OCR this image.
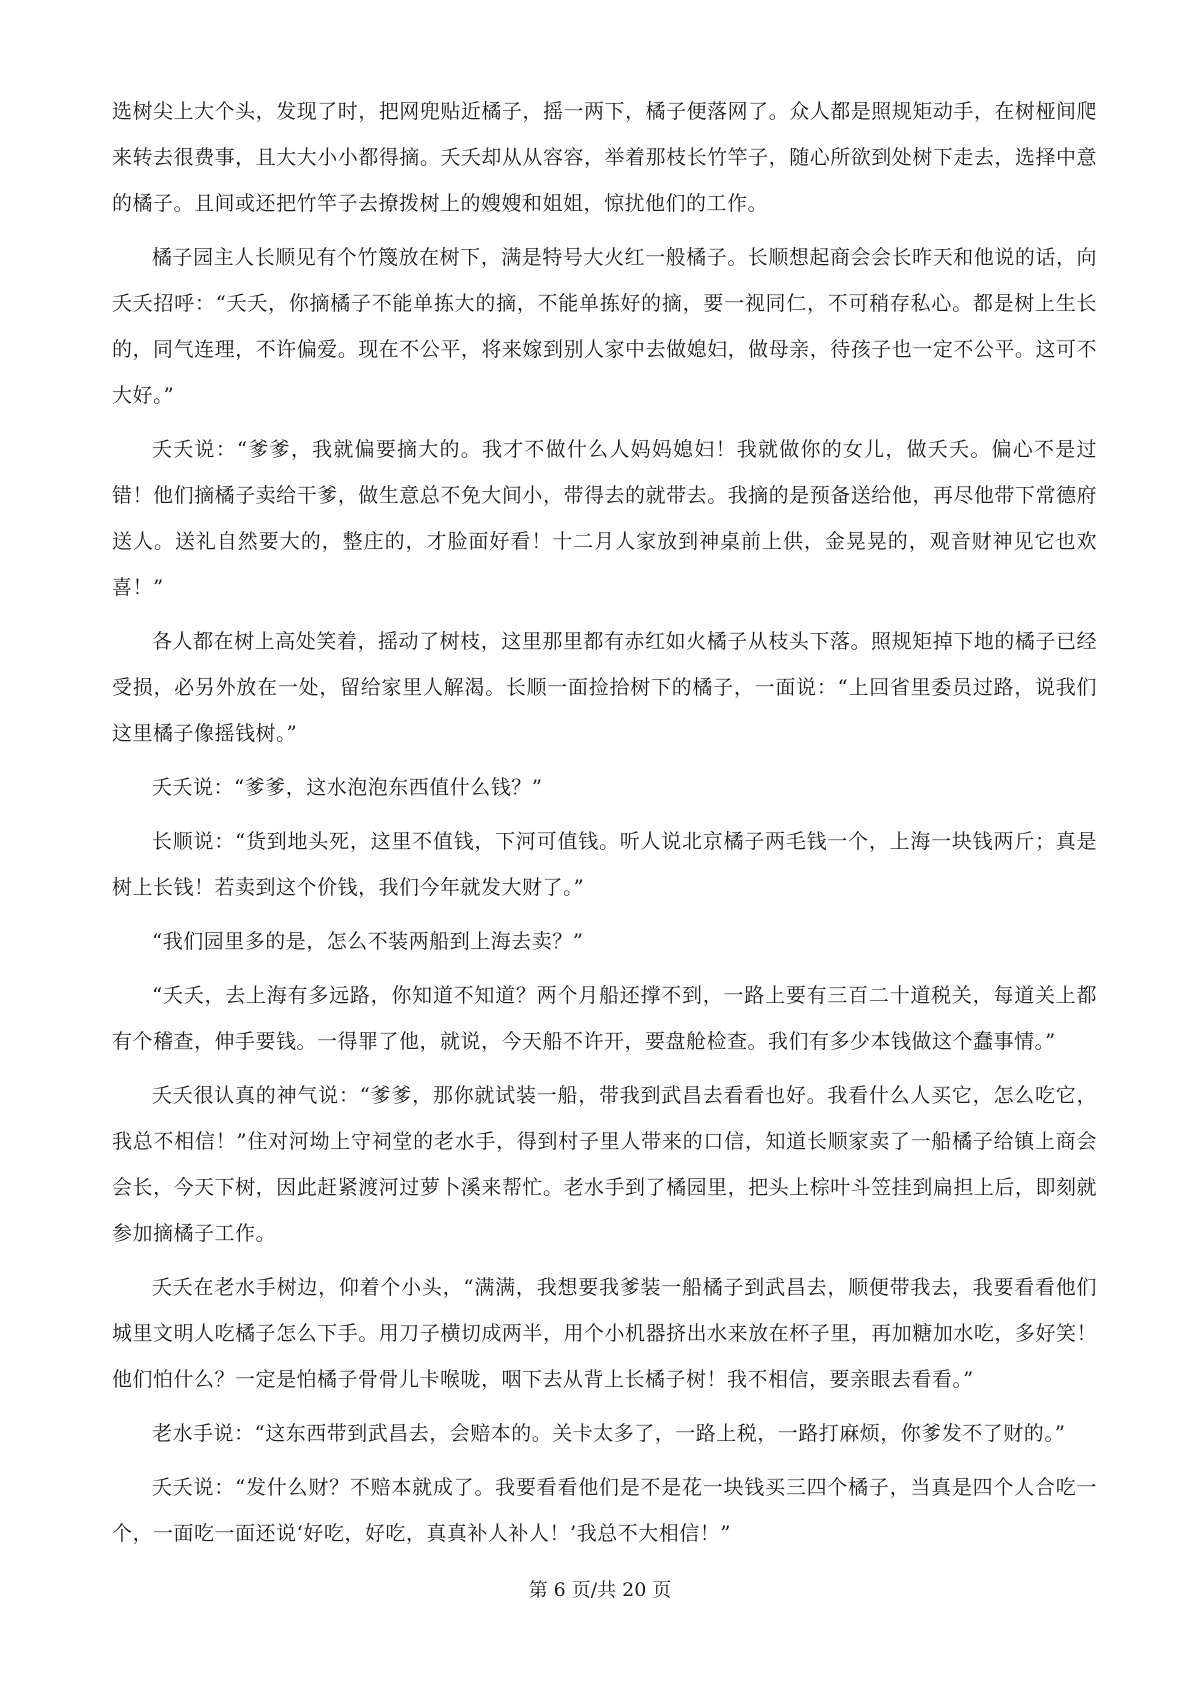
选树尖上大个头，发现了时，把网兜贴近橘子，摇一两下，橘子便落网了。众人都是照规矩动手，在树桠间爬来转去很费事，且大大小小都得摘。夭夭却从从容容，举着那枝长竹竿子，随心所欲到处树下走去，选择中意的橘子。且间或还把竹竿子去撩拨树上的嫂嫂和姐姐，惊扰他们的工作。

橘子园主人长顺见有个竹篾放在树下，满是特号大火红一般橘子。长顺想起商会会长昨天和他说的话，向夭夭招呼：“夭夭，你摘橘子不能单拣大的摘，不能单拣好的摘，要一视同仁，不可稍存私心。都是树上生长的，同气连理，不许偏爱。现在不公平，将来嫁到别人家中去做媳妇，做母亲，待孩子也一定不公平。这可不大好。”

夭夭说：“爹爹，我就偏要摘大的。我才不做什么人妈妈媳妇！我就做你的女儿，做夭夭。偏心不是过错！他们摘橘子卖给干爹，做生意总不免大间小，带得去的就带去。我摘的是预备送给他，再尽他带下常德府送人。送礼自然要大的，整庄的，才脸面好看！十二月人家放到神桌前上供，金晃晃的，观音财神见它也欢喜！”

各人都在树上高处笑着，摇动了树枝，这里那里都有赤红如火橘子从枝头下落。照规矩掉下地的橘子已经受损，必另外放在一处，留给家里人解渴。长顺一面捡拾树下的橘子，一面说：“上回省里委员过路，说我们这里橘子像摇钱树。”

夭夭说：“爹爹，这水泡泡东西值什么钱？”

长顺说：“货到地头死，这里不值钱，下河可值钱。听人说北京橘子两毛钱一个，上海一块钱两斤；真是树上长钱！若卖到这个价钱，我们今年就发大财了。”

“我们园里多的是，怎么不装两船到上海去卖？”

“夭夭，去上海有多远路，你知道不知道？两个月船还撑不到，一路上要有三百二十道税关，每道关上都有个稽查，伸手要钱。一得罪了他，就说，今天船不许开，要盘舱检查。我们有多少本钱做这个蠢事情。”

夭夭很认真的神气说：“爹爹，那你就试装一船，带我到武昌去看看也好。我看什么人买它，怎么吃它，我总不相信！”住对河坳上守祠堂的老水手，得到村子里人带来的口信，知道长顺家卖了一船橘子给镇上商会会长，今天下树，因此赶紧渡河过萝卜溪来帮忙。老水手到了橘园里，把头上棕叶斗笠挂到扁担上后，即刻就参加摘橘子工作。

夭夭在老水手树边，仰着个小头，“满满，我想要我爹装一船橘子到武昌去，顺便带我去，我要看看他们城里文明人吃橘子怎么下手。用刀子横切成两半，用个小机器挤出水来放在杯子里，再加糖加水吃，多好笑！他们怕什么？一定是怕橘子骨骨儿卡喉咙，咽下去从背上长橘子树！我不相信，要亲眼去看看。”

老水手说：“这东西带到武昌去，会赔本的。关卡太多了，一路上税，一路打麻烦，你爹发不了财的。”

夭夭说：“发什么财？不赔本就成了。我要看看他们是不是花一块钱买三四个橘子，当真是四个人合吃一个，一面吃一面还说‘好吃，好吃，真真补人补人！’我总不大相信！”

第 6 页/共 20 页
